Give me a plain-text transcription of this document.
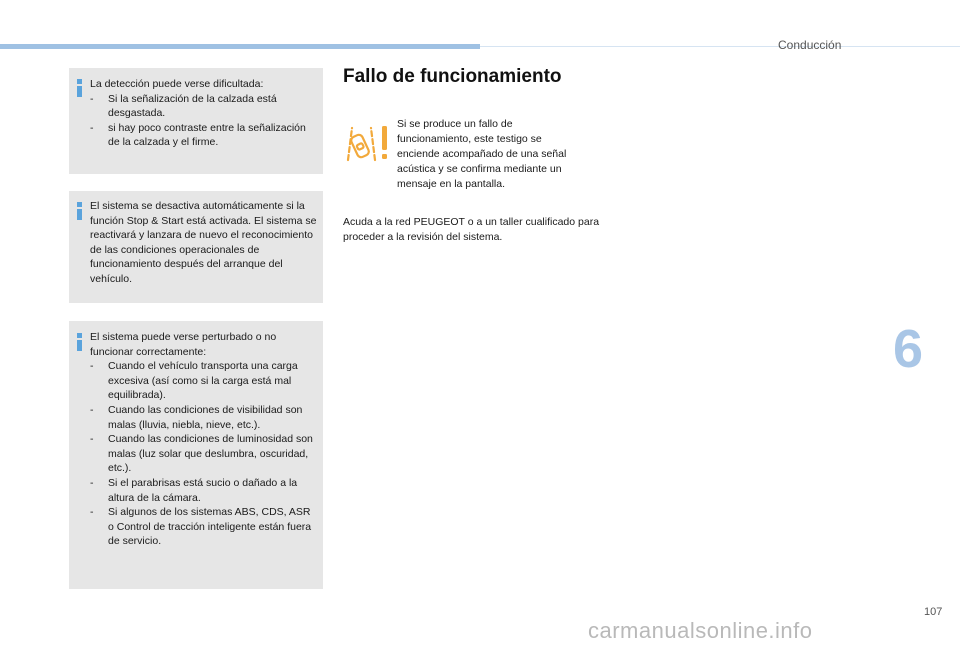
Conducción

La detección puede verse dificultada:

- Si la señalización de la calzada está desgastada.
- si hay poco contraste entre la señalización de la calzada y el firme.

El sistema se desactiva automáticamente si la función Stop & Start está activada. El sistema se reactivará y lanzara de nuevo el reconocimiento de las condiciones operacionales de funcionamiento después del arranque del vehículo.

El sistema puede verse perturbado o no funcionar correctamente:

- Cuando el vehículo transporta una carga excesiva (así como si la carga está mal equilibrada).
- Cuando las condiciones de visibilidad son malas (lluvia, niebla, nieve, etc.).
- Cuando las condiciones de luminosidad son malas (luz solar que deslumbra, oscuridad, etc.).
- Si el parabrisas está sucio o dañado a la altura de la cámara.
- Si algunos de los sistemas ABS, CDS, ASR o Control de tracción inteligente están fuera de servicio.
Fallo de funcionamiento
Si se produce un fallo de funcionamiento, este testigo se enciende acompañado de una señal acústica y se confirma mediante un mensaje en la pantalla.
Acuda a la red PEUGEOT o a un taller cualificado para proceder a la revisión del sistema.
6
107
carmanualsonline.info
